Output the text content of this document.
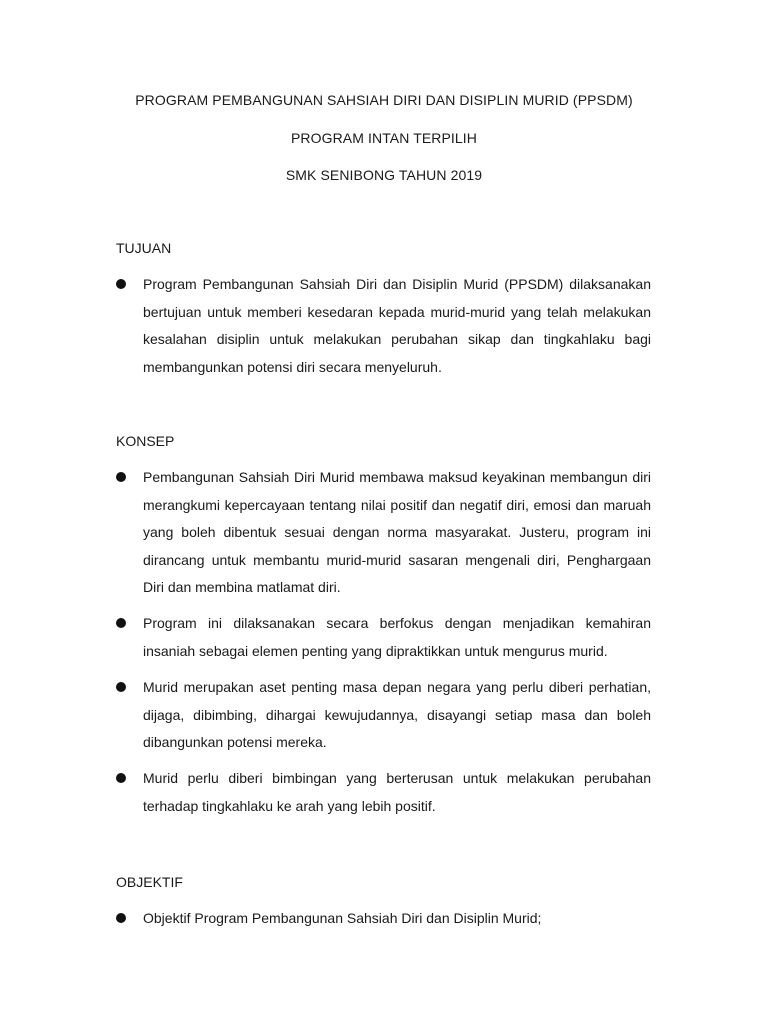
PROGRAM PEMBANGUNAN SAHSIAH DIRI DAN DISIPLIN MURID (PPSDM)
PROGRAM INTAN TERPILIH
SMK SENIBONG TAHUN 2019
TUJUAN
Program Pembangunan Sahsiah Diri dan Disiplin Murid (PPSDM) dilaksanakan bertujuan untuk memberi kesedaran kepada murid-murid yang telah melakukan kesalahan disiplin untuk melakukan perubahan sikap dan tingkahlaku bagi membangunkan potensi diri secara menyeluruh.
KONSEP
Pembangunan Sahsiah Diri Murid membawa maksud keyakinan membangun diri merangkumi kepercayaan tentang nilai positif dan negatif diri, emosi dan maruah yang boleh dibentuk sesuai dengan norma masyarakat. Justeru, program ini dirancang untuk membantu murid-murid sasaran mengenali diri, Penghargaan Diri dan membina matlamat diri.
Program ini dilaksanakan secara berfokus dengan menjadikan kemahiran insaniah sebagai elemen penting yang dipraktikkan untuk mengurus murid.
Murid merupakan aset penting masa depan negara yang perlu diberi perhatian, dijaga, dibimbing, dihargai kewujudannya, disayangi setiap masa dan boleh dibangunkan potensi mereka.
Murid perlu diberi bimbingan yang berterusan untuk melakukan perubahan terhadap tingkahlaku ke arah yang lebih positif.
OBJEKTIF
Objektif Program Pembangunan Sahsiah Diri dan Disiplin Murid;
